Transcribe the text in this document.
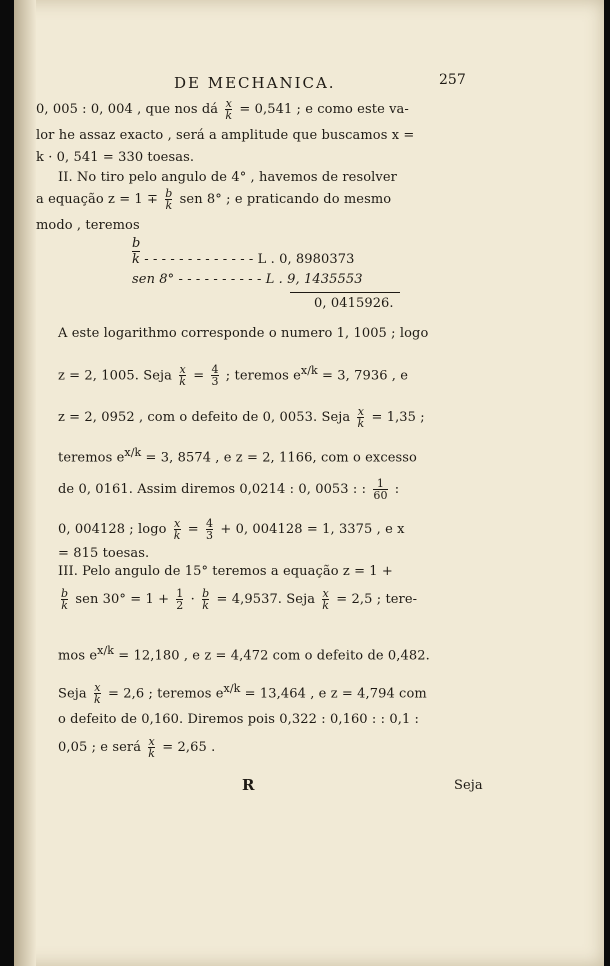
DE MECHANICA.	257
0, 005 : 0, 004 , que nos dá $\frac{x}{k} = 0,541$ ; e como este va-
lor he assaz exacto , será a amplitude que buscamos x =
k · 0, 541 = 330 toesas.
II. No tiro pelo angulo de 4° , havemos de resolver
a equação $z = 1 \mp \frac{b}{k}$ sen 8° ; e praticando do mesmo
modo , teremos
b
k - - - - - - - - - - - - - L . 0, 8980373
sen 8° - - - - - - - - - - L . 9, 1435553
0, 0415926.
A este logarithmo corresponde o numero 1, 1005 ; logo
z = 2, 1005. Seja $\frac{x}{k} = \frac{4}{3}$ ; teremos $e^{x/k} = 3$, 7936 , e
z = 2, 0952 , com o defeito de 0, 0053. Seja $\frac{x}{k} = 1,35$ ;
teremos $e^{x/k} = 3$, 8574 , e z = 2, 1166, com o excesso
de 0, 0161. Assim diremos 0,0214 : 0, 0053 : : $\frac{1}{60}$ :
0, 004128 ; logo $\frac{x}{k} = \frac{4}{3} + 0$, 004128 = 1, 3375 , e x
= 815 toesas.
III. Pelo angulo de 15° teremos a equação z = 1 +
$\frac{b}{k}$ sen $30^\circ = 1 + \frac{1}{2} \cdot \frac{b}{k} = 4,9537$. Seja $\frac{x}{k} = 2,5$ ; tere-
mos $e^{x/k} = 12,180$ , e z = 4,472 com o defeito de 0,482.
Seja $\frac{x}{k} = 2,6$ ; teremos $e^{x/k} = 13,464$ , e z = 4,794 com
o defeito de 0,160. Diremos pois 0,322 : 0,160 : : 0,1 :
0,05 ; e será $\frac{x}{k} = 2,65$ .
R	Seja
